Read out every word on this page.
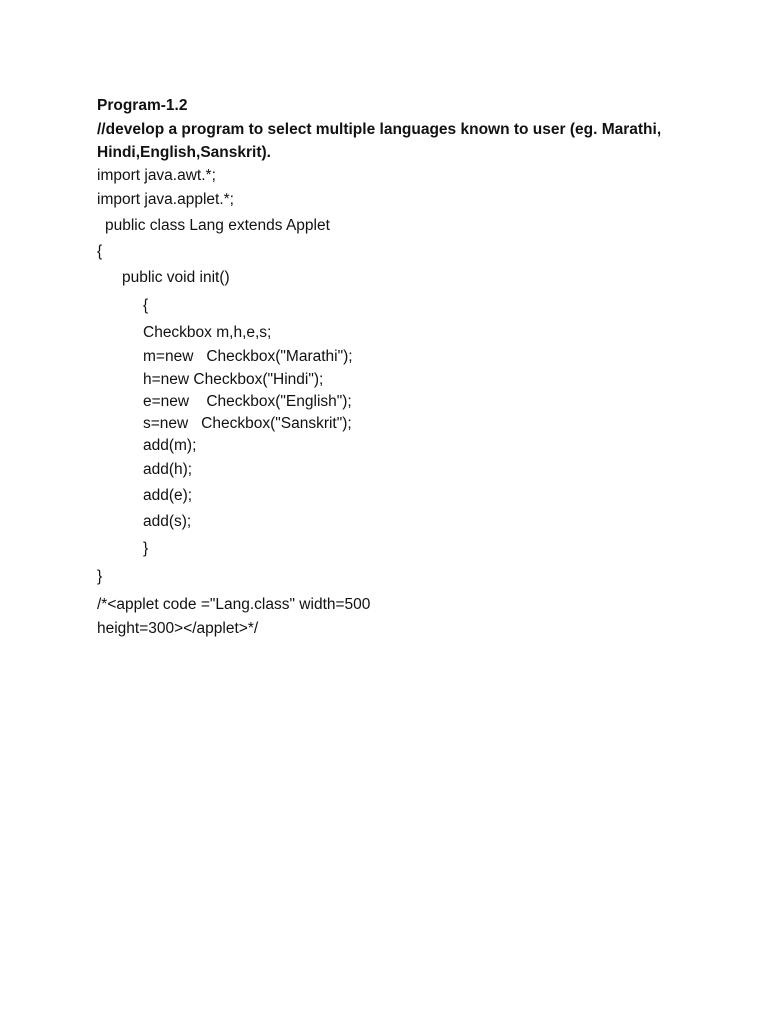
Program-1.2
//develop a program to select multiple languages known to user (eg. Marathi,
Hindi,English,Sanskrit).
import java.awt.*;
import java.applet.*;
public class Lang extends Applet
{
public void init()
{
Checkbox m,h,e,s;
m=new   Checkbox("Marathi");
h=new Checkbox("Hindi");
e=new    Checkbox("English");
s=new   Checkbox("Sanskrit");
add(m);
add(h);
add(e);
add(s);
}
}
/*<applet code ="Lang.class" width=500
height=300></applet>*/
